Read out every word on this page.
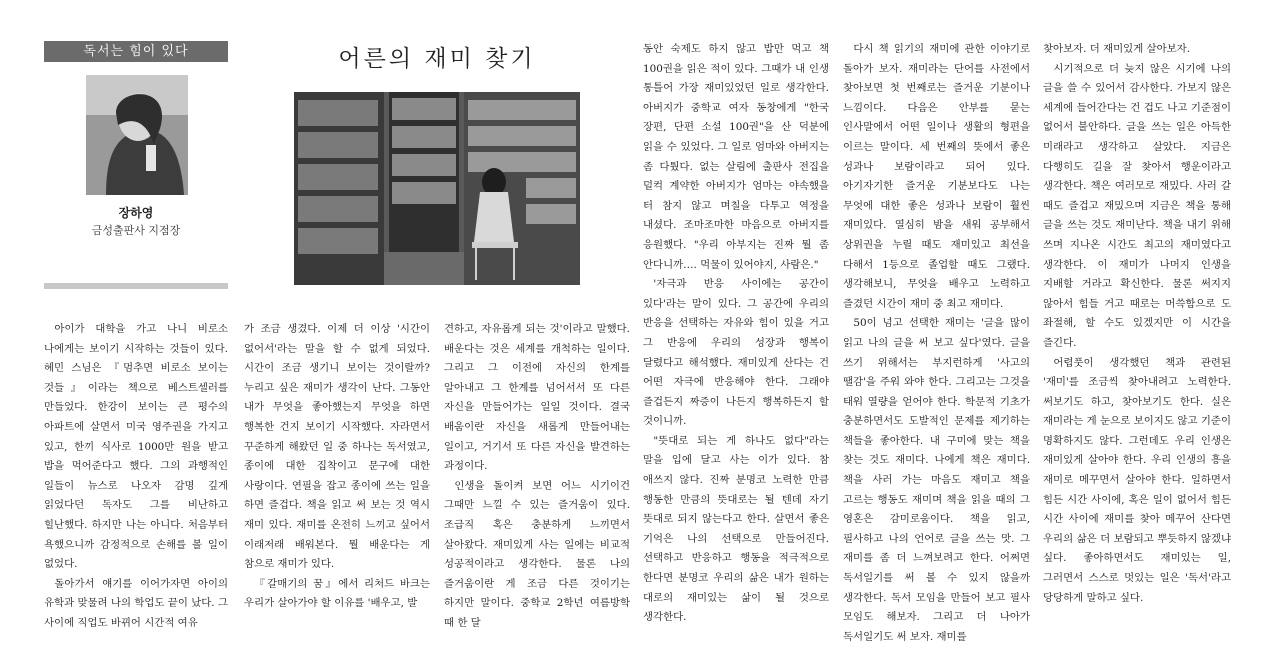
독서는 힘이 있다
장하영
금성출판사 지점장
어른의 재미 찾기

아이가 대학을 가고 나니 비로소 나에게는 보이기 시작하는 것들이 있다. 혜민 스님은 『멈추면 비로소 보이는 것들』이라는 책으로 베스트셀러를 만들었다. 한강이 보이는 큰 평수의 아파트에 살면서 미국 영주권을 가지고 있고, 한끼 식사로 1000만 원을 받고 밥을 먹어준다고 했다. 그의 과행적인 일들이 뉴스로 나오자 감명 깊게 읽었다던 독자도 그를 비난하고 힐난했다. 하지만 나는 아니다. 처음부터 욕했으니까 감정적으로 손해를 볼 일이 없었다.

돌아가서 얘기를 이어가자면 아이의 유학과 맞물려 나의 학업도 끝이 났다. 그 사이에 직업도 바뀌어 시간적 여유

가 조금 생겼다. 이제 더 이상 '시간이 없어서'라는 말을 할 수 없게 되었다. 시간이 조금 생기니 보이는 것이랄까? 누리고 싶은 재미가 생각이 난다. 그동안 내가 무엇을 좋아했는지 무엇을 하면 행복한 건지 보이기 시작했다. 자라면서 꾸준하게 해왔던 일 중 하나는 독서였고, 종이에 대한 집착이고 문구에 대한 사랑이다. 연필을 잡고 종이에 쓰는 일을 하면 즐겁다. 책을 읽고 써 보는 것 역시 재미 있다. 재미를 온전히 느끼고 싶어서 이래저래 배워본다. 뭘 배운다는 게 참으로 재미가 있다.

『갈매기의 꿈』에서 리처드 바크는 우리가 살아가야 할 이유를 '배우고, 발

견하고, 자유롭게 되는 것'이라고 말했다. 배운다는 것은 세계를 개척하는 일이다. 그리고 그 이전에 자신의 한계를 알아내고 그 한계를 넘어서서 또 다른 자신을 만들어가는 일일 것이다. 결국 배움이란 자신을 새롭게 만들어내는 일이고, 거기서 또 다른 자신을 발견하는 과정이다.

인생을 돌이켜 보면 어느 시기이건 그때만 느낄 수 있는 즐거움이 있다. 조급직 혹은 충분하게 느끼면서 살아왔다. 재미있게 사는 일에는 비교적 성공적이라고 생각한다. 물론 나의 즐거움이란 게 조금 다른 것이기는 하지만 말이다. 중학교 2학년 여름방학 때 한 달

동안 숙제도 하지 않고 밥만 먹고 책 100권을 읽은 적이 있다. 그때가 내 인생 통틀어 가장 재미있었던 일로 생각한다. 아버지가 중학교 여자 동창에게 "한국 장편, 단편 소설 100권"을 산 덕분에 읽을 수 있었다. 그 일로 엄마와 아버지는 좀 다퉜다. 없는 살림에 출판사 전집을 덜컥 계약한 아버지가 엄마는 야속했을 터 참지 않고 며칠을 다투고 역정을 내셨다. 조마조마한 마음으로 아버지를 응원했다. "우리 아부지는 진짜 뭘 좀 안다니까…. 먹물이 있어야지, 사람은."

'자극과 반응 사이에는 공간이 있다'라는 말이 있다. 그 공간에 우리의 반응을 선택하는 자유와 힘이 있을 거고 그 반응에 우리의 성장과 행복이 달렸다고 해석했다. 재미있게 산다는 건 어떤 자극에 반응해야 한다. 그래야 즐겁든지 짜증이 나든지 행복하든지 할 것이니까.

"뜻대로 되는 게 하나도 없다"라는 말을 입에 달고 사는 이가 있다. 참 애쓰지 않다. 진짜 분명코 노력한 만큼 행동한 만큼의 뜻대로는 될 텐데 자기 뜻대로 되지 않는다고 한다. 살면서 좋은 기억은 나의 선택으로 만들어진다. 선택하고 반응하고 행동을 적극적으로 한다면 분명코 우리의 삶은 내가 원하는 대로의 재미있는 삶이 될 것으로 생각한다.

다시 책 읽기의 재미에 관한 이야기로 돌아가 보자. 재미라는 단어를 사전에서 찾아보면 첫 번째로는 즐거운 기분이나 느낌이다. 다음은 안부를 묻는 인사말에서 어떤 일이나 생활의 형편을 이르는 말이다. 세 번째의 뜻에서 좋은 성과나 보람이라고 되어 있다. 아기자기한 즐거운 기분보다도 나는 무엇에 대한 좋은 성과나 보람이 훨씬 재미있다. 열심히 밤을 새워 공부해서 상위권을 누릴 때도 재미있고 최선을 다해서 1등으로 졸업할 때도 그랬다. 생각해보니, 무엇을 배우고 노력하고 즐겼던 시간이 재미 중 최고 재미다.

50이 넘고 선택한 재미는 '글을 많이 읽고 나의 글을 써 보고 싶다'였다. 글을 쓰기 위해서는 부지런하게 '사고의 땔감'을 주워 와야 한다. 그리고는 그것을 태워 열량을 얻어야 한다. 학문적 기초가 충분하면서도 도발적인 문제를 제기하는 책들을 좋아한다. 내 구미에 맞는 책을 찾는 것도 재미다. 나에게 책은 재미다. 책을 사러 가는 마음도 재미고 책을 고르는 행동도 재미며 책을 읽을 때의 그 영혼은 감미로움이다. 책을 읽고, 필사하고 나의 언어로 글을 쓰는 맛. 그 재미를 좀 더 느껴보려고 한다. 어쩌면 독서일기를 써 볼 수 있지 않을까 생각한다. 독서 모임을 만들어 보고 필사 모임도 해보자. 그리고 더 나아가 독서일기도 써 보자. 재미를

찾아보자. 더 재미있게 살아보자.

시기적으로 더 늦지 않은 시기에 나의 글을 쓸 수 있어서 감사한다. 가보지 않은 세계에 들어간다는 건 겁도 나고 기준점이 없어서 불안하다. 글을 쓰는 일은 아득한 미래라고 생각하고 살았다. 지금은 다행히도 길을 잘 찾아서 행운이라고 생각한다. 책은 여러모로 재밌다. 사러 갈 때도 즐겁고 재밌으며 지금은 책을 통해 글을 쓰는 것도 재미난다. 책을 내기 위해 쓰며 지나온 시간도 최고의 재미였다고 생각한다. 이 재미가 나머지 인생을 지배할 거라고 확신한다. 물론 써지지 않아서 힘들 거고 때로는 머쓱함으로 도 좌절해, 할 수도 있겠지만 이 시간을 즐긴다.

어렵풋이 생각했던 책과 관련된 '재미'를 조금씩 찾아내려고 노력한다. 써보기도 하고, 찾아보기도 한다. 실은 재미라는 게 눈으로 보이지도 않고 기준이 명확하지도 않다. 그런데도 우리 인생은 재미있게 살아야 한다. 우리 인생의 흥을 재미로 메꾸면서 살아야 한다. 일하면서 힘든 시간 사이에, 혹은 일이 없어서 힘든 시간 사이에 재미를 찾아 메꾸어 산다면 우리의 삶은 더 보람되고 뿌듯하지 않겠냐 싶다. 좋아하면서도 재미있는 일, 그러면서 스스로 멋있는 일은 '독서'라고 당당하게 말하고 싶다.
